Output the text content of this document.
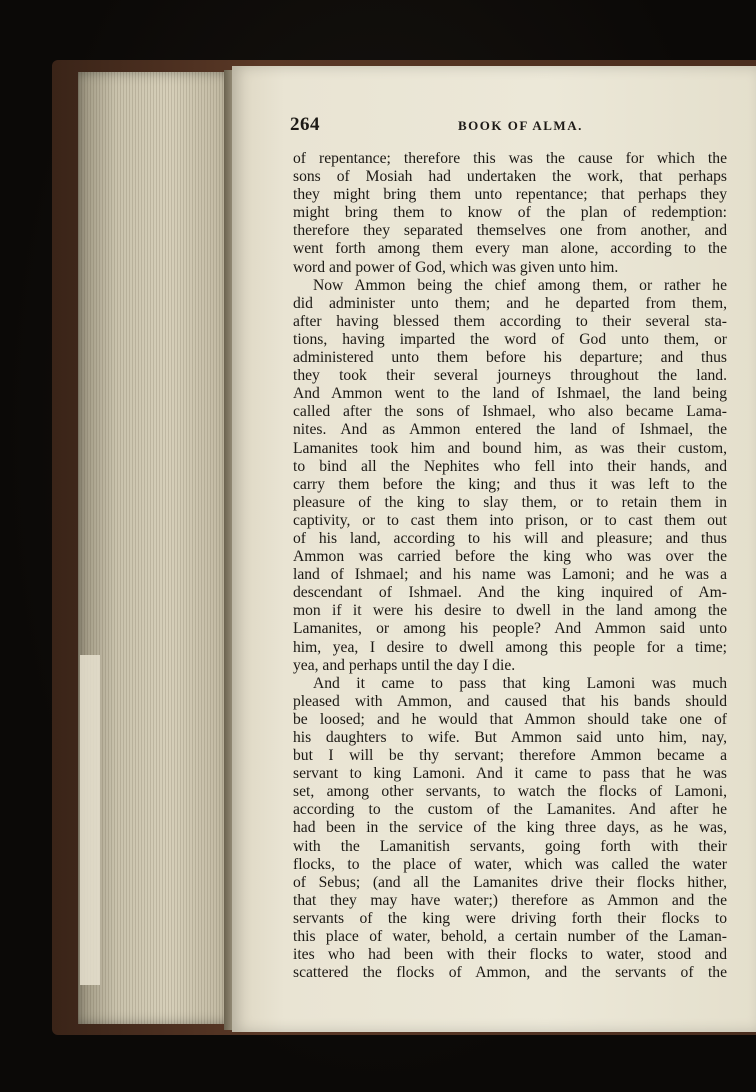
264	BOOK OF ALMA.
of repentance; therefore this was the cause for which the
sons of Mosiah had undertaken the work, that perhaps
they might bring them unto repentance; that perhaps they
might bring them to know of the plan of redemption:
therefore they separated themselves one from another, and
went forth among them every man alone, according to the
word and power of God, which was given unto him.
Now Ammon being the chief among them, or rather he
did administer unto them; and he departed from them,
after having blessed them according to their several sta-
tions, having imparted the word of God unto them, or
administered unto them before his departure; and thus
they took their several journeys throughout the land.
And Ammon went to the land of Ishmael, the land being
called after the sons of Ishmael, who also became Lama-
nites. And as Ammon entered the land of Ishmael, the
Lamanites took him and bound him, as was their custom,
to bind all the Nephites who fell into their hands, and
carry them before the king; and thus it was left to the
pleasure of the king to slay them, or to retain them in
captivity, or to cast them into prison, or to cast them out
of his land, according to his will and pleasure; and thus
Ammon was carried before the king who was over the
land of Ishmael; and his name was Lamoni; and he was a
descendant of Ishmael. And the king inquired of Am-
mon if it were his desire to dwell in the land among the
Lamanites, or among his people? And Ammon said unto
him, yea, I desire to dwell among this people for a time;
yea, and perhaps until the day I die.
And it came to pass that king Lamoni was much
pleased with Ammon, and caused that his bands should
be loosed; and he would that Ammon should take one of
his daughters to wife. But Ammon said unto him, nay,
but I will be thy servant; therefore Ammon became a
servant to king Lamoni. And it came to pass that he was
set, among other servants, to watch the flocks of Lamoni,
according to the custom of the Lamanites. And after he
had been in the service of the king three days, as he was,
with the Lamanitish servants, going forth with their
flocks, to the place of water, which was called the water
of Sebus; (and all the Lamanites drive their flocks hither,
that they may have water;) therefore as Ammon and the
servants of the king were driving forth their flocks to
this place of water, behold, a certain number of the Laman-
ites who had been with their flocks to water, stood and
scattered the flocks of Ammon, and the servants of the
